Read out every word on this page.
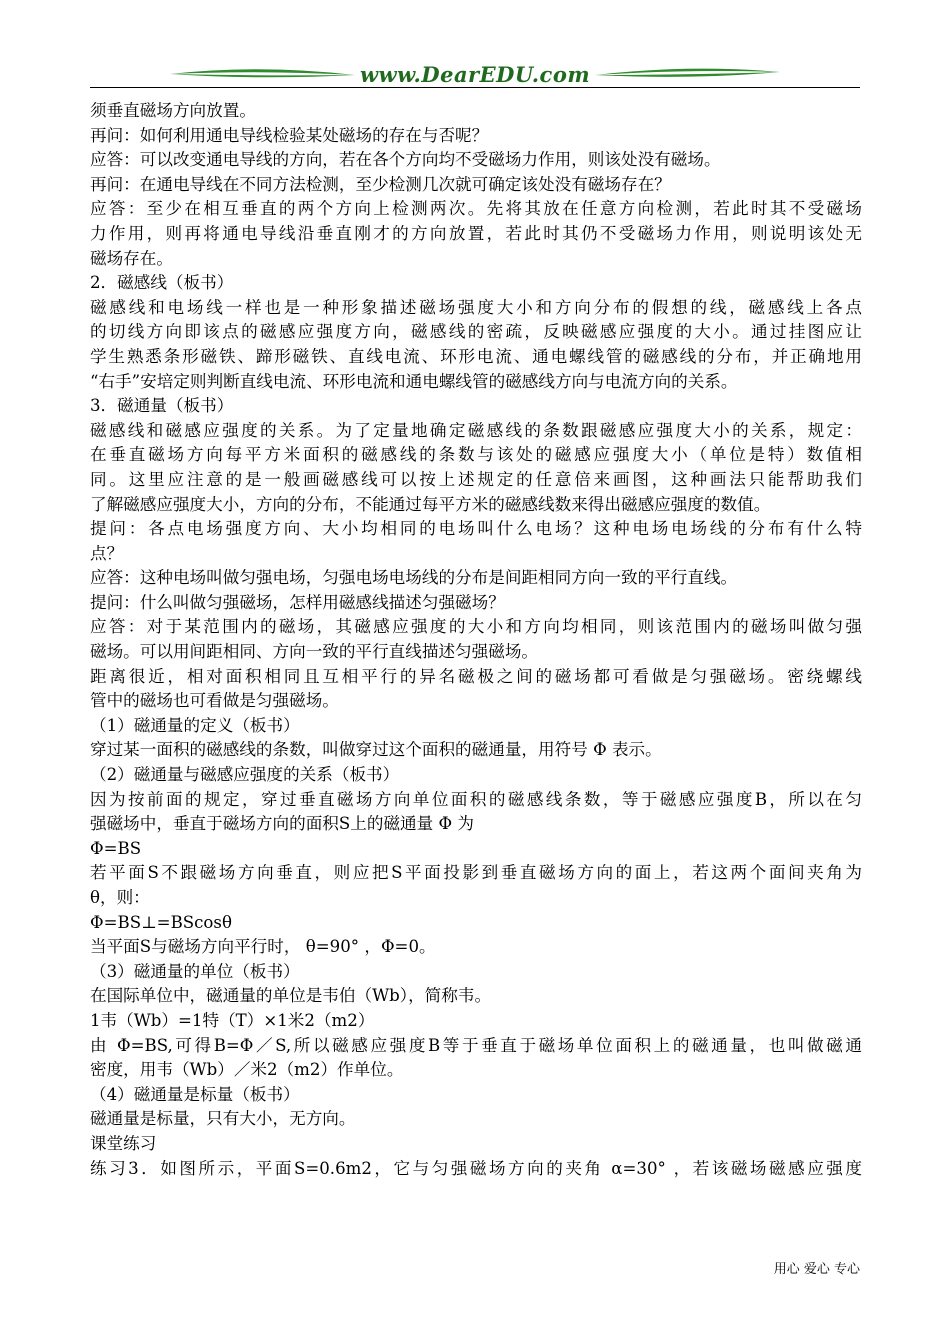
www.DearEDU.com
须垂直磁场方向放置。
再问：如何利用通电导线检验某处磁场的存在与否呢？
应答：可以改变通电导线的方向，若在各个方向均不受磁场力作用，则该处没有磁场。
再问：在通电导线在不同方法检测，至少检测几次就可确定该处没有磁场存在？
应答：至少在相互垂直的两个方向上检测两次。先将其放在任意方向检测，若此时其不受磁场
力作用，则再将通电导线沿垂直刚才的方向放置，若此时其仍不受磁场力作用，则说明该处无
磁场存在。
2．磁感线（板书）
磁感线和电场线一样也是一种形象描述磁场强度大小和方向分布的假想的线，磁感线上各点
的切线方向即该点的磁感应强度方向，磁感线的密疏，反映磁感应强度的大小。通过挂图应让
学生熟悉条形磁铁、蹄形磁铁、直线电流、环形电流、通电螺线管的磁感线的分布，并正确地用
“右手”安培定则判断直线电流、环形电流和通电螺线管的磁感线方向与电流方向的关系。
3．磁通量（板书）
磁感线和磁感应强度的关系。为了定量地确定磁感线的条数跟磁感应强度大小的关系，规定：
在垂直磁场方向每平方米面积的磁感线的条数与该处的磁感应强度大小（单位是特）数值相
同。这里应注意的是一般画磁感线可以按上述规定的任意倍来画图，这种画法只能帮助我们
了解磁感应强度大小，方向的分布，不能通过每平方米的磁感线数来得出磁感应强度的数值。
提问：各点电场强度方向、大小均相同的电场叫什么电场？这种电场电场线的分布有什么特
点？
应答：这种电场叫做匀强电场，匀强电场电场线的分布是间距相同方向一致的平行直线。
提问：什么叫做匀强磁场，怎样用磁感线描述匀强磁场？
应答：对于某范围内的磁场，其磁感应强度的大小和方向均相同，则该范围内的磁场叫做匀强
磁场。可以用间距相同、方向一致的平行直线描述匀强磁场。
距离很近，相对面积相同且互相平行的异名磁极之间的磁场都可看做是匀强磁场。密绕螺线
管中的磁场也可看做是匀强磁场。
（1）磁通量的定义（板书）
穿过某一面积的磁感线的条数，叫做穿过这个面积的磁通量，用符号 Φ 表示。
（2）磁通量与磁感应强度的关系（板书）
因为按前面的规定，穿过垂直磁场方向单位面积的磁感线条数，等于磁感应强度B，所以在匀
强磁场中，垂直于磁场方向的面积S上的磁通量 Φ 为
Φ=BS
若平面S不跟磁场方向垂直，则应把S平面投影到垂直磁场方向的面上，若这两个面间夹角为
θ，则：
Φ=BS⊥=BScosθ
当平面S与磁场方向平行时， θ=90° ，Φ=0。
（3）磁通量的单位（板书）
在国际单位中，磁通量的单位是韦伯（Wb），简称韦。
1韦（Wb）=1特（T）×1米2（m2）
由 Φ=BS,可得B=Φ／S,所以磁感应强度B等于垂直于磁场单位面积上的磁通量，也叫做磁通
密度，用韦（Wb）／米2（m2）作单位。
（4）磁通量是标量（板书）
磁通量是标量，只有大小，无方向。
课堂练习
练习3．如图所示，平面S=0.6m2，它与匀强磁场方向的夹角 α=30° ，若该磁场磁感应强度
用心 爱心 专心
